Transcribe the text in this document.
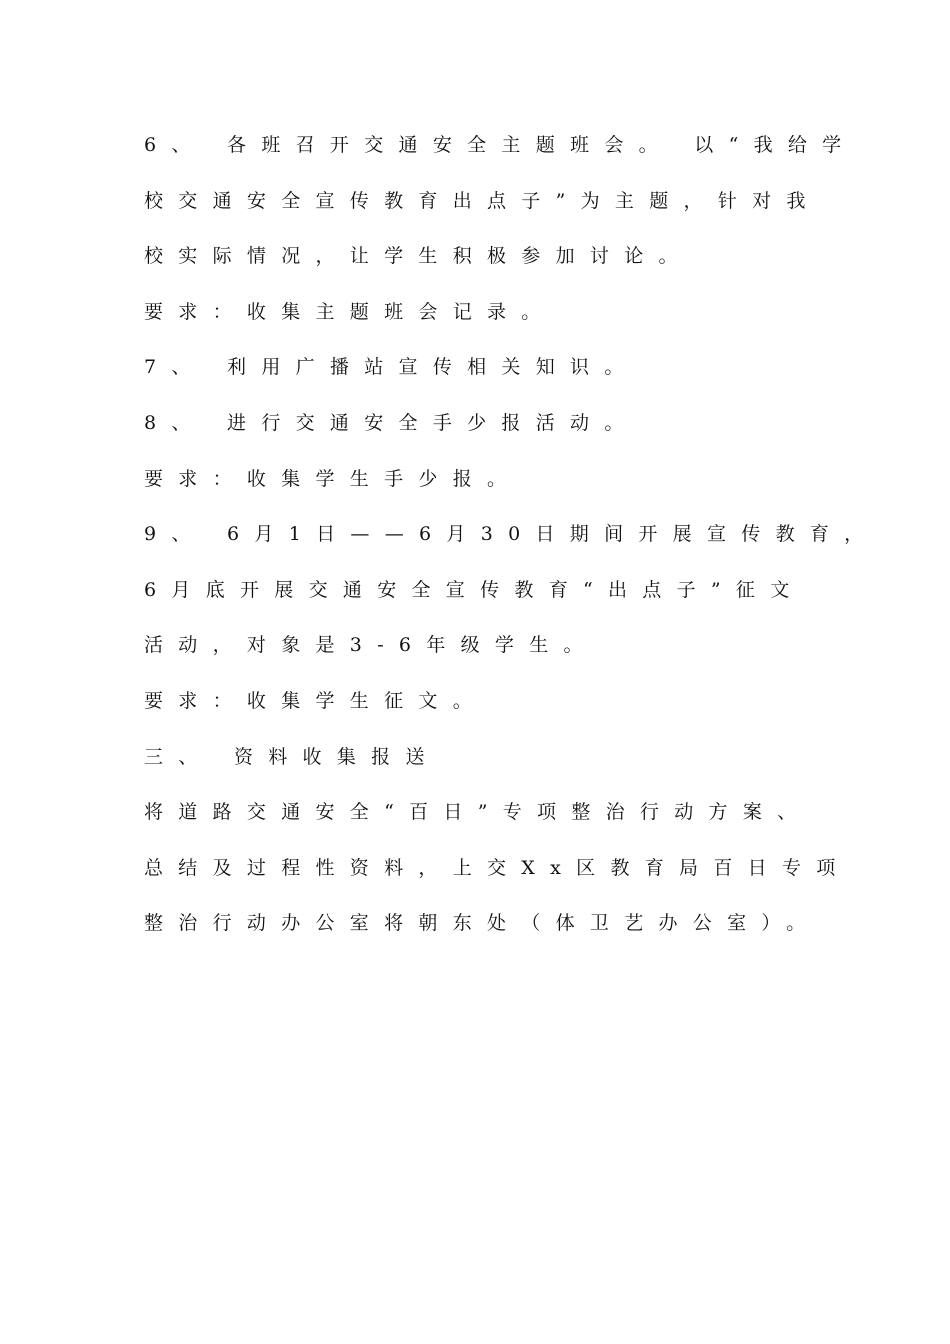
6、 各班召开交通安全主题班会。 以“我给学
校交通安全宣传教育出点子”为主题，针对我
校实际情况，让学生积极参加讨论。
要求：收集主题班会记录。
7、 利用广播站宣传相关知识。
8、 进行交通安全手少报活动。
要求：收集学生手少报。
9、 6月1日——6月30日期间开展宣传教育，
6月底开展交通安全宣传教育“出点子”征文
活动，对象是3-6年级学生。
要求：收集学生征文。
三、 资料收集报送
将道路交通安全“百日”专项整治行动方案、
总结及过程性资料，上交Xx区教育局百日专项
整治行动办公室将朝东处（体卫艺办公室）。
